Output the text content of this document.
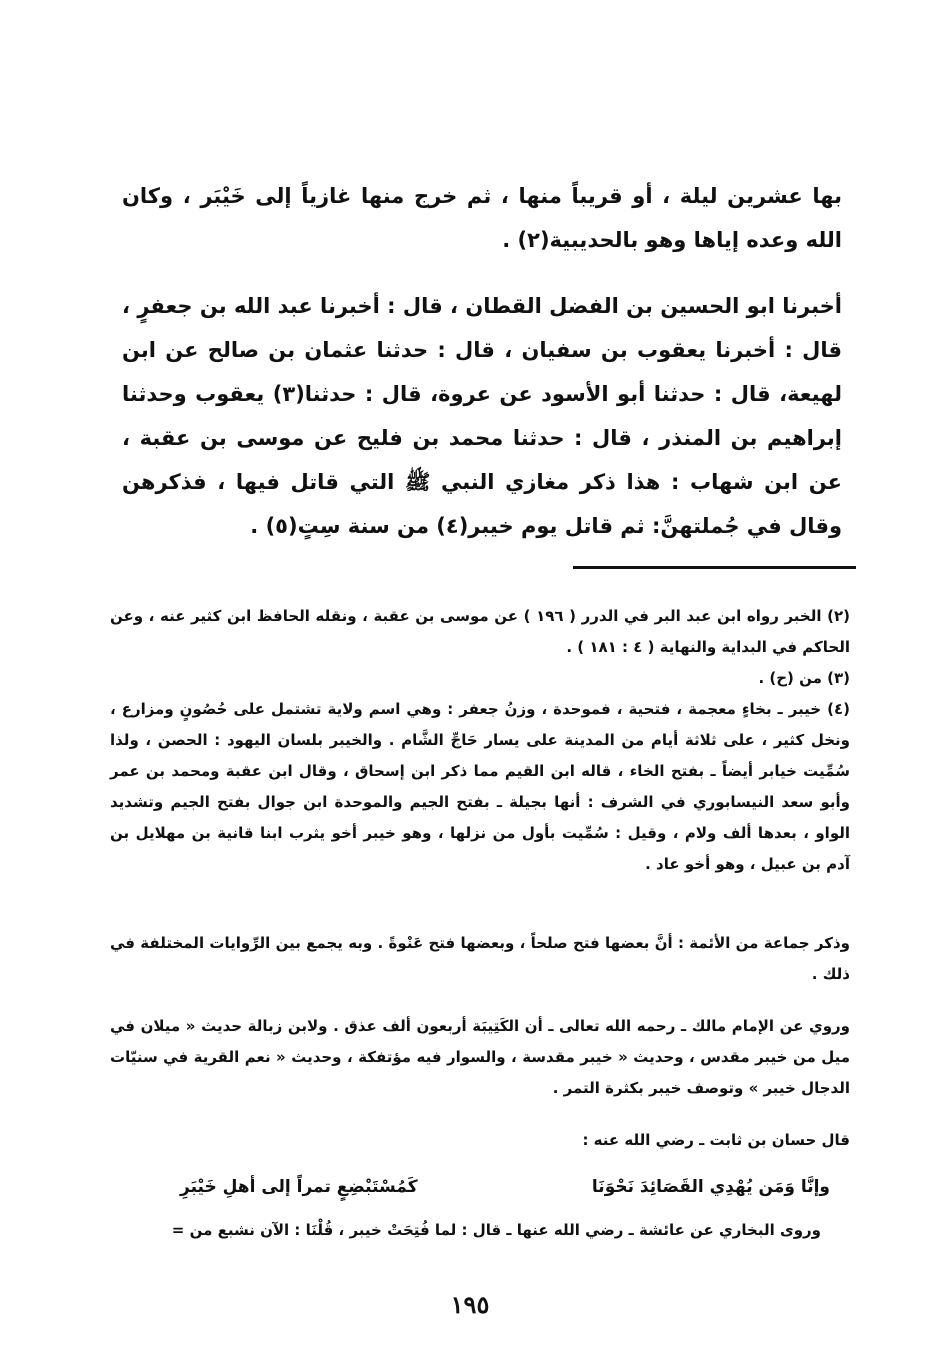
بها عشرين ليلة ، أو قريباً منها ، ثم خرج منها غازياً إلى خَيْبَر ، وكان الله وعده إياها وهو بالحديبية(٢) .
أخبرنا ابو الحسين بن الفضل القطان ، قال : أخبرنا عبد الله بن جعفرٍ ، قال : أخبرنا يعقوب بن سفيان ، قال : حدثنا عثمان بن صالح عن ابن لهيعة، قال : حدثنا أبو الأسود عن عروة، قال : حدثنا(٣) يعقوب وحدثنا إبراهيم بن المنذر ، قال : حدثنا محمد بن فليح عن موسى بن عقبة ، عن ابن شهاب : هذا ذكر مغازي النبي ﷺ التي قاتل فيها ، فذكرهن وقال في جُملتهنَّ: ثم قاتل يوم خيبر(٤) من سنة سِتٍ(٥) .

(٢) الخبر رواه ابن عبد البر في الدرر ( ١٩٦ ) عن موسى بن عقبة ، ونقله الحافظ ابن كثير عنه ، وعن الحاكم في البداية والنهاية ( ٤ : ١٨١ ) .

(٣) من (ح) .

(٤) خيبر ـ بخاءٍ معجمة ، فتحية ، فموحدة ، وزنُ جعفر : وهي اسم ولاية تشتمل على حُصُونٍ ومزارع ، ونخل كثير ، على ثلاثة أيام من المدينة على يسار حَاجِّ الشَّام . والخيبر بلسان اليهود : الحصن ، ولذا سُمِّيت خيابر أيضاً ـ بفتح الخاء ، قاله ابن القيم مما ذكر ابن إسحاق ، وقال ابن عقبة ومحمد بن عمر وأبو سعد النيسابوري في الشرف : أنها بجيلة ـ بفتح الجيم والموحدة ابن جوال بفتح الجيم وتشديد الواو ، بعدها ألف ولام ، وقيل : سُمِّيت بأول من نزلها ، وهو خيبر أخو يثرب ابنا قانية بن مهلايل بن آدم بن عبيل ، وهو أخو عاد .

وذكر جماعة من الأئمة : أنَّ بعضها فتح صلحاً ، وبعضها فتح عَنْوةً . وبه يجمع بين الرِّوايات المختلفة في ذلك .
وروي عن الإمام مالك ـ رحمه الله تعالى ـ أن الكَتِيبَة أربعون ألف عذق . ولابن زبالة حديث « ميلان في ميل من خيبر مقدس ، وحديث « خيبر مقدسة ، والسوار فيه مؤتفكة ، وحديث « نعم القرية في سنيّات الدجال خيبر » وتوصف خيبر بكثرة التمر .
قال حسان بن ثابت ـ رضي الله عنه :
وإنَّا وَمَن يُهْدِي القَصَائِدَ نَحْوَنَا
كَمُسْتَبْضِعٍ تمراً إلى أهلِ خَيْبَرِ
وروى البخاري عن عائشة ـ رضي الله عنها ـ قال : لما فُتِحَتْ خيبر ، قُلْنَا : الآن نشبع من =
١٩٥
